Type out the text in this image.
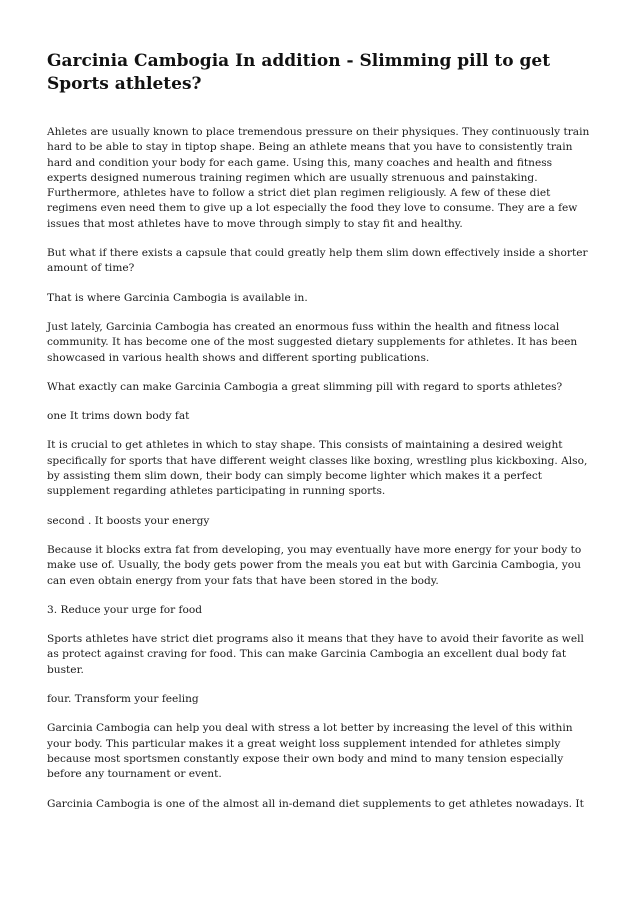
Garcinia Cambogia In addition - Slimming pill to get Sports athletes?

Ahletes are usually known to place tremendous pressure on their physiques. They continuously train hard to be able to stay in tiptop shape. Being an athlete means that you have to consistently train hard and condition your body for each game. Using this, many coaches and health and fitness experts designed numerous training regimen which are usually strenuous and painstaking. Furthermore, athletes have to follow a strict diet plan regimen religiously. A few of these diet regimens even need them to give up a lot especially the food they love to consume. They are a few issues that most athletes have to move through simply to stay fit and healthy.

But what if there exists a capsule that could greatly help them slim down effectively inside a shorter amount of time?

That is where Garcinia Cambogia is available in.

Just lately, Garcinia Cambogia has created an enormous fuss within the health and fitness local community. It has become one of the most suggested dietary supplements for athletes. It has been showcased in various health shows and different sporting publications.

What exactly can make Garcinia Cambogia a great slimming pill with regard to sports athletes?

one It trims down body fat

It is crucial to get athletes in which to stay shape. This consists of maintaining a desired weight specifically for sports that have different weight classes like boxing, wrestling plus kickboxing. Also, by assisting them slim down, their body can simply become lighter which makes it a perfect supplement regarding athletes participating in running sports.

second . It boosts your energy

Because it blocks extra fat from developing, you may eventually have more energy for your body to make use of. Usually, the body gets power from the meals you eat but with Garcinia Cambogia, you can even obtain energy from your fats that have been stored in the body.

3. Reduce your urge for food

Sports athletes have strict diet programs also it means that they have to avoid their favorite as well as protect against craving for food. This can make Garcinia Cambogia an excellent dual body fat buster.

four. Transform your feeling

Garcinia Cambogia can help you deal with stress a lot better by increasing the level of this within your body. This particular makes it a great weight loss supplement intended for athletes simply because most sportsmen constantly expose their own body and mind to many tension especially before any tournament or event.

Garcinia Cambogia is one of the almost all in-demand diet supplements to get athletes nowadays. It
